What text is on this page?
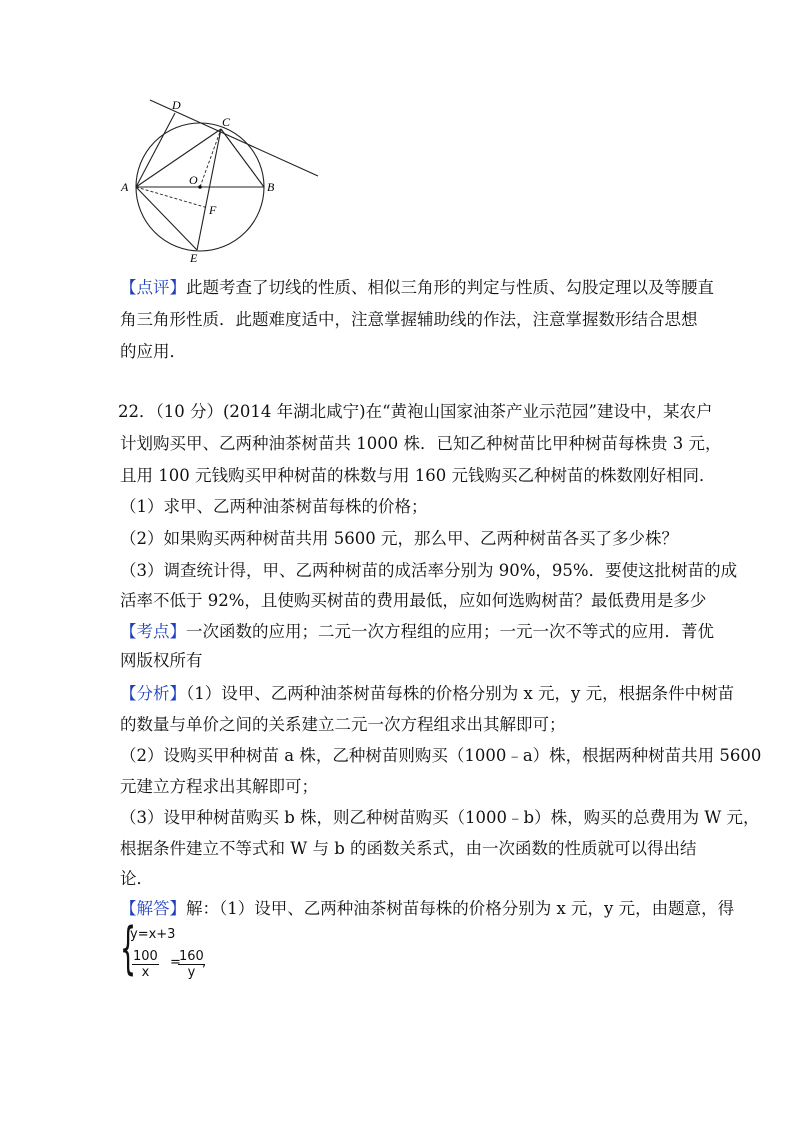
D
C
A	O	B
F
E
【点评】此题考查了切线的性质、相似三角形的判定与性质、勾股定理以及等腰直
角三角形性质．此题难度适中，注意掌握辅助线的作法，注意掌握数形结合思想
的应用．
22．（10 分）(2014 年湖北咸宁)在“黄袍山国家油茶产业示范园”建设中，某农户
计划购买甲、乙两种油茶树苗共 1000 株．已知乙种树苗比甲种树苗每株贵 3 元，
且用 100 元钱购买甲种树苗的株数与用 160 元钱购买乙种树苗的株数刚好相同．
（1）求甲、乙两种油茶树苗每株的价格；
（2）如果购买两种树苗共用 5600 元，那么甲、乙两种树苗各买了多少株？
（3）调查统计得，甲、乙两种树苗的成活率分别为 90%，95%．要使这批树苗的成
活率不低于 92%，且使购买树苗的费用最低，应如何选购树苗？最低费用是多少
【考点】一次函数的应用；二元一次方程组的应用；一元一次不等式的应用．菁优
网版权所有
【分析】（1）设甲、乙两种油茶树苗每株的价格分别为 x 元，y 元，根据条件中树苗
的数量与单价之间的关系建立二元一次方程组求出其解即可；
（2）设购买甲种树苗 a 株，乙种树苗则购买（1000﹣a）株，根据两种树苗共用 5600
元建立方程求出其解即可；
（3）设甲种树苗购买 b 株，则乙种树苗购买（1000﹣b）株，购买的总费用为 W 元，
根据条件建立不等式和 W 与 b 的函数关系式，由一次函数的性质就可以得出结
论．
【解答】解：（1）设甲、乙两种油茶树苗每株的价格分别为 x 元，y 元，由题意，得
{
y=x+3
$\frac{100}{x}$ =
$\frac{160}{y}$
,
